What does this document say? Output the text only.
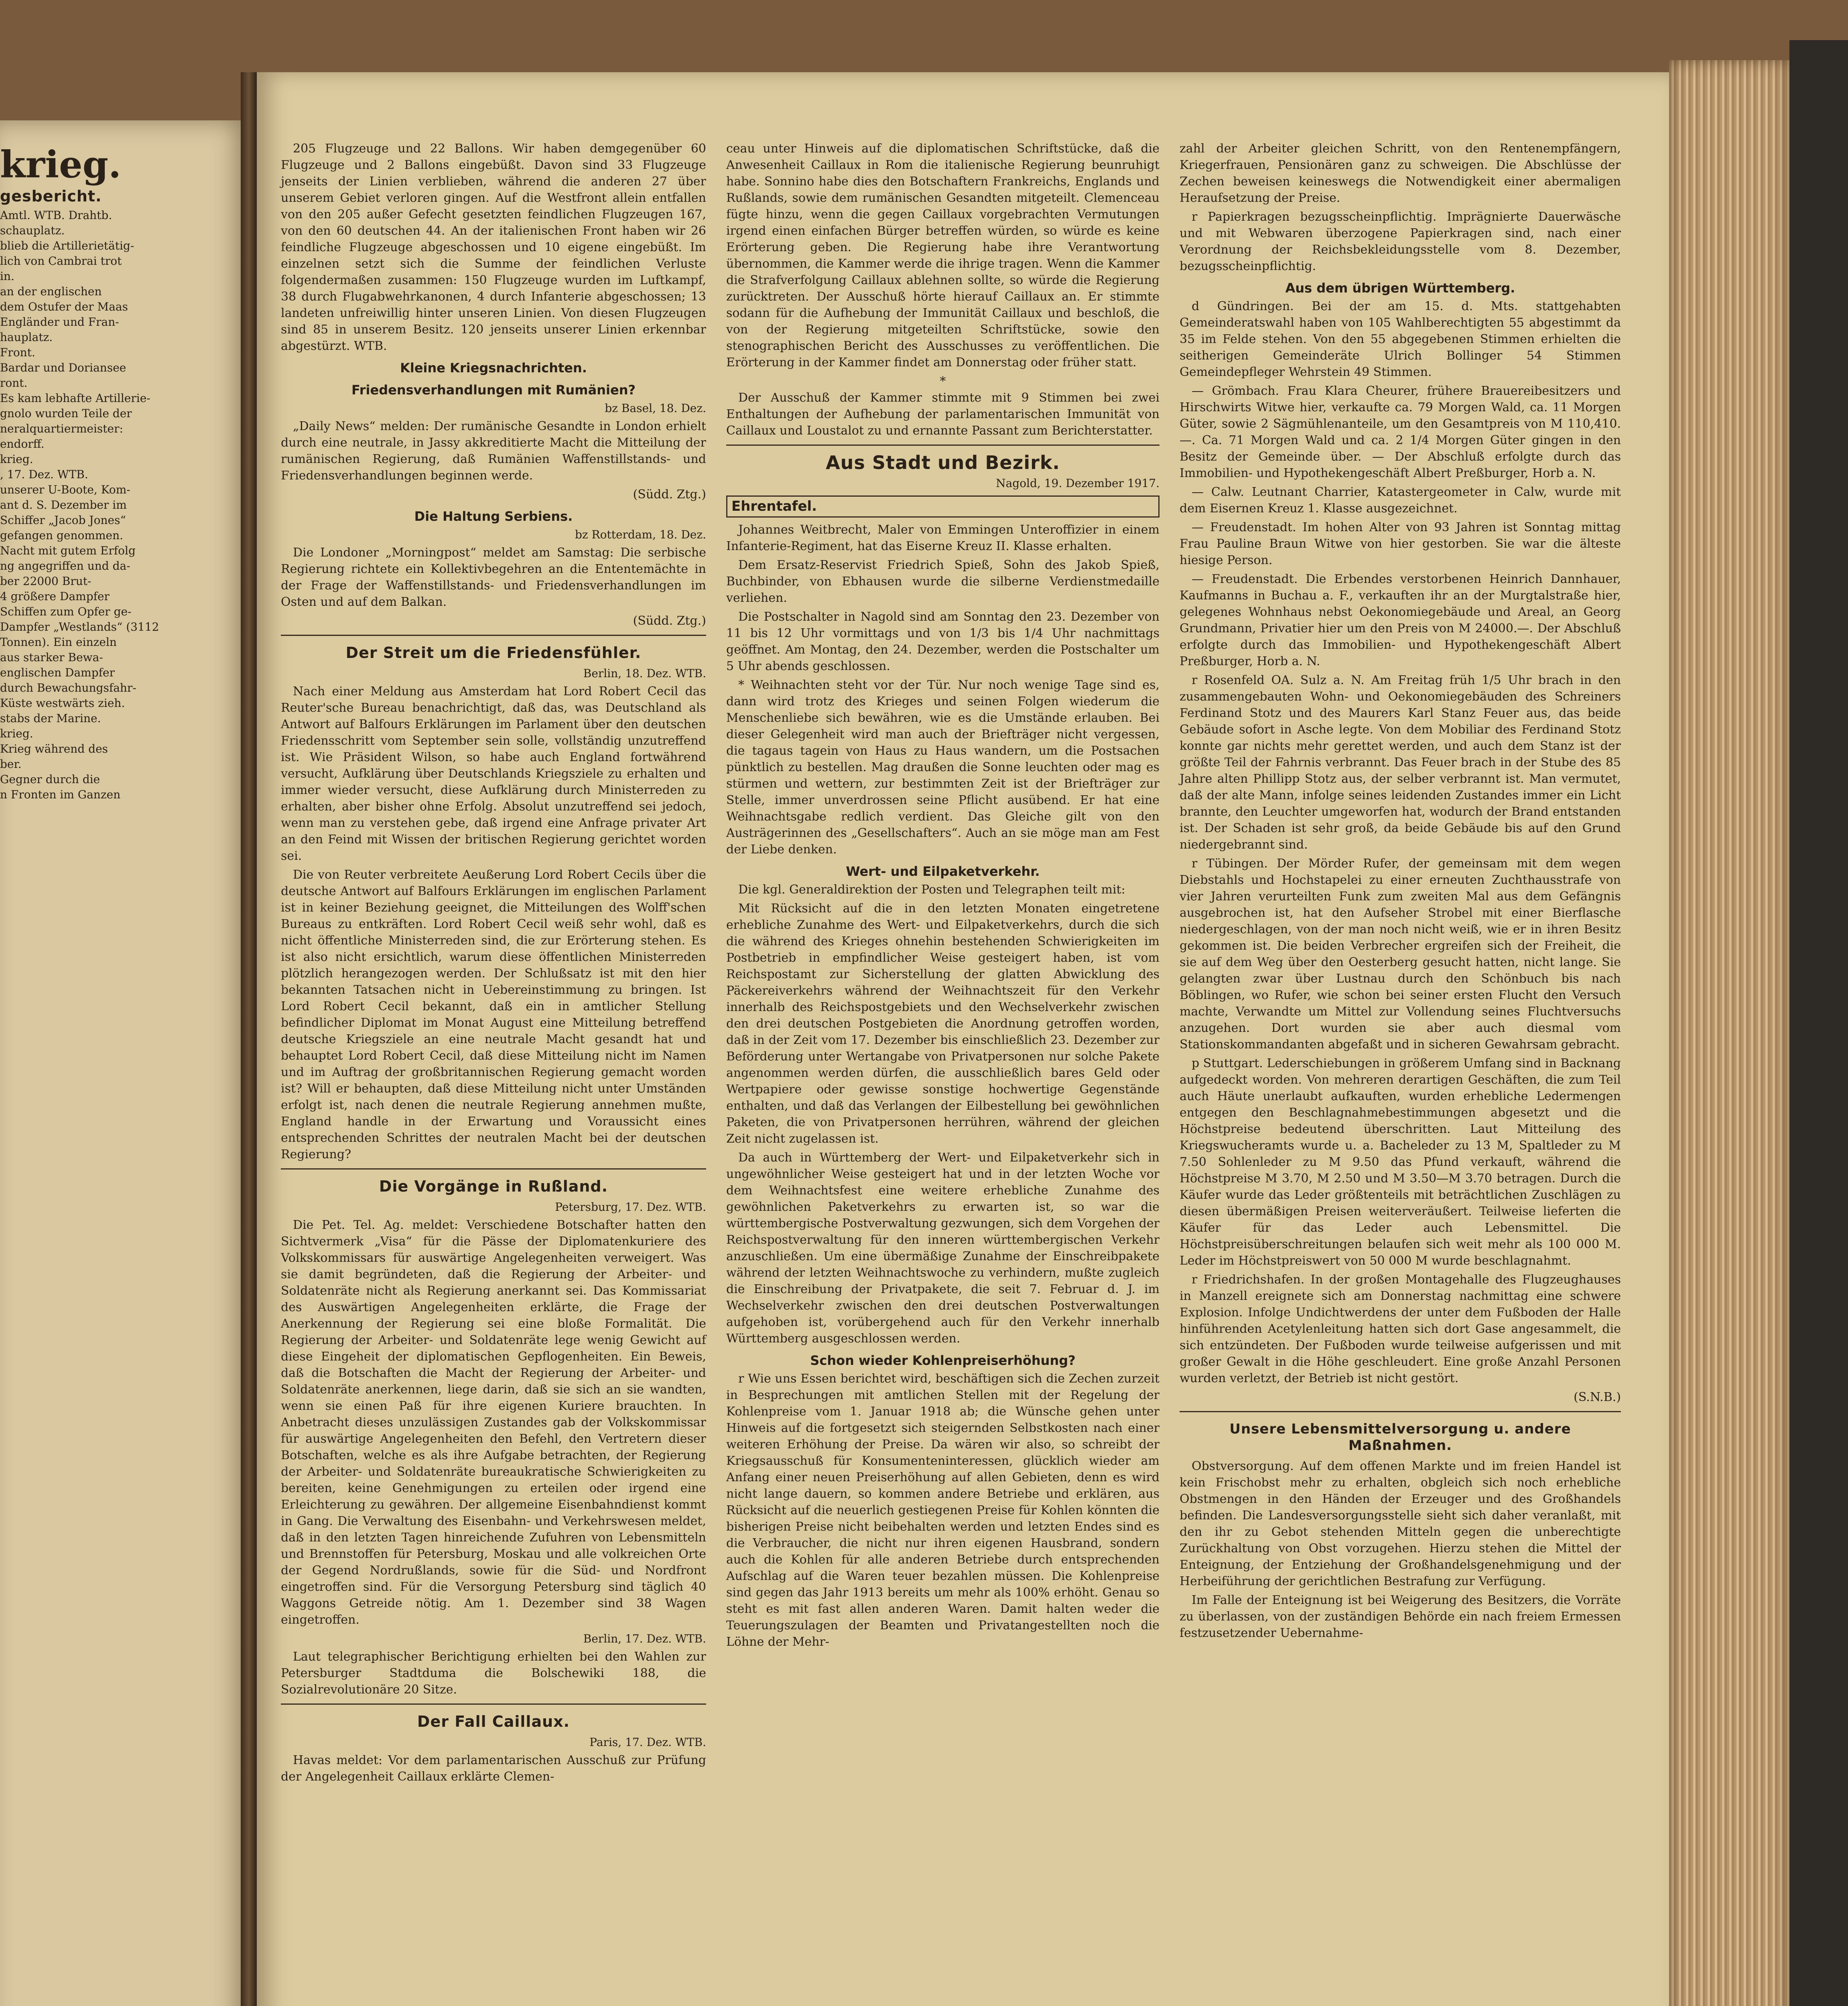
krieg.
gesbericht.
Amtl. WTB. Drahtb.
schauplatz.
blieb die Artillerietätig-
lich von Cambrai trot
in.
an der englischen
dem Ostufer der Maas
Engländer und Fran-
hauplatz.
Front.
Bardar und Doriansee
ront.
Es kam lebhafte Artillerie-
gnolo wurden Teile der
neralquartiermeister:
endorff.
krieg.
, 17. Dez. WTB.
unserer U-Boote, Kom-
ant d. S. Dezember im
Schiffer „Jacob Jones“
gefangen genommen.
Nacht mit gutem Erfolg
ng angegriffen und da-
ber 22000 Brut-
4 größere Dampfer
Schiffen zum Opfer ge-
Dampfer „Westlands“ (3112
Tonnen). Ein einzeln
aus starker Bewa-
englischen Dampfer
durch Bewachungsfahr-
Küste westwärts zieh.
stabs der Marine.
krieg.
Krieg während des
ber.
Gegner durch die
n Fronten im Ganzen

205 Flugzeuge und 22 Ballons. Wir haben demgegenüber 60 Flugzeuge und 2 Ballons eingebüßt. Davon sind 33 Flugzeuge jenseits der Linien verblieben, während die anderen 27 über unserem Gebiet verloren gingen. Auf die Westfront allein entfallen von den 205 außer Gefecht gesetzten feindlichen Flugzeugen 167, von den 60 deutschen 44. An der italienischen Front haben wir 26 feindliche Flugzeuge abgeschossen und 10 eigene eingebüßt. Im einzelnen setzt sich die Summe der feindlichen Verluste folgendermaßen zusammen: 150 Flugzeuge wurden im Luftkampf, 38 durch Flugabwehrkanonen, 4 durch Infanterie abgeschossen; 13 landeten unfreiwillig hinter unseren Linien. Von diesen Flugzeugen sind 85 in unserem Besitz. 120 jenseits unserer Linien erkennbar abgestürzt. WTB.

Kleine Kriegsnachrichten.
Friedensverhandlungen mit Rumänien?
bz Basel, 18. Dez.

„Daily News“ melden: Der rumänische Gesandte in London erhielt durch eine neutrale, in Jassy akkreditierte Macht die Mitteilung der rumänischen Regierung, daß Rumänien Waffenstillstands- und Friedensverhandlungen beginnen werde.

(Südd. Ztg.)
Die Haltung Serbiens.
bz Rotterdam, 18. Dez.

Die Londoner „Morningpost“ meldet am Samstag: Die serbische Regierung richtete ein Kollektivbegehren an die Ententemächte in der Frage der Waffenstillstands- und Friedensverhandlungen im Osten und auf dem Balkan.

(Südd. Ztg.)
Der Streit um die Friedensfühler.
Berlin, 18. Dez. WTB.

Nach einer Meldung aus Amsterdam hat Lord Robert Cecil das Reuter'sche Bureau benachrichtigt, daß das, was Deutschland als Antwort auf Balfours Erklärungen im Parlament über den deutschen Friedensschritt vom September sein solle, vollständig unzutreffend ist. Wie Präsident Wilson, so habe auch England fortwährend versucht, Aufklärung über Deutschlands Kriegsziele zu erhalten und immer wieder versucht, diese Aufklärung durch Ministerreden zu erhalten, aber bisher ohne Erfolg. Absolut unzutreffend sei jedoch, wenn man zu verstehen gebe, daß irgend eine Anfrage privater Art an den Feind mit Wissen der britischen Regierung gerichtet worden sei.

Die von Reuter verbreitete Aeußerung Lord Robert Cecils über die deutsche Antwort auf Balfours Erklärungen im englischen Parlament ist in keiner Beziehung geeignet, die Mitteilungen des Wolff'schen Bureaus zu entkräften. Lord Robert Cecil weiß sehr wohl, daß es nicht öffentliche Ministerreden sind, die zur Erörterung stehen. Es ist also nicht ersichtlich, warum diese öffentlichen Ministerreden plötzlich herangezogen werden. Der Schlußsatz ist mit den hier bekannten Tatsachen nicht in Uebereinstimmung zu bringen. Ist Lord Robert Cecil bekannt, daß ein in amtlicher Stellung befindlicher Diplomat im Monat August eine Mitteilung betreffend deutsche Kriegsziele an eine neutrale Macht gesandt hat und behauptet Lord Robert Cecil, daß diese Mitteilung nicht im Namen und im Auftrag der großbritannischen Regierung gemacht worden ist? Will er behaupten, daß diese Mitteilung nicht unter Umständen erfolgt ist, nach denen die neutrale Regierung annehmen mußte, England handle in der Erwartung und Voraussicht eines entsprechenden Schrittes der neutralen Macht bei der deutschen Regierung?

Die Vorgänge in Rußland.
Petersburg, 17. Dez. WTB.

Die Pet. Tel. Ag. meldet: Verschiedene Botschafter hatten den Sichtvermerk „Visa“ für die Pässe der Diplomatenkuriere des Volkskommissars für auswärtige Angelegenheiten verweigert. Was sie damit begründeten, daß die Regierung der Arbeiter- und Soldatenräte nicht als Regierung anerkannt sei. Das Kommissariat des Auswärtigen Angelegenheiten erklärte, die Frage der Anerkennung der Regierung sei eine bloße Formalität. Die Regierung der Arbeiter- und Soldatenräte lege wenig Gewicht auf diese Eingeheit der diplomatischen Gepflogenheiten. Ein Beweis, daß die Botschaften die Macht der Regierung der Arbeiter- und Soldatenräte anerkennen, liege darin, daß sie sich an sie wandten, wenn sie einen Paß für ihre eigenen Kuriere brauchten. In Anbetracht dieses unzulässigen Zustandes gab der Volkskommissar für auswärtige Angelegenheiten den Befehl, den Vertretern dieser Botschaften, welche es als ihre Aufgabe betrachten, der Regierung der Arbeiter- und Soldatenräte bureaukratische Schwierigkeiten zu bereiten, keine Genehmigungen zu erteilen oder irgend eine Erleichterung zu gewähren. Der allgemeine Eisenbahndienst kommt in Gang. Die Verwaltung des Eisenbahn- und Verkehrswesen meldet, daß in den letzten Tagen hinreichende Zufuhren von Lebensmitteln und Brennstoffen für Petersburg, Moskau und alle volkreichen Orte der Gegend Nordrußlands, sowie für die Süd- und Nordfront eingetroffen sind. Für die Versorgung Petersburg sind täglich 40 Waggons Getreide nötig. Am 1. Dezember sind 38 Wagen eingetroffen.

Berlin, 17. Dez. WTB.

Laut telegraphischer Berichtigung erhielten bei den Wahlen zur Petersburger Stadtduma die Bolschewiki 188, die Sozialrevolutionäre 20 Sitze.

Der Fall Caillaux.
Paris, 17. Dez. WTB.

Havas meldet: Vor dem parlamentarischen Ausschuß zur Prüfung der Angelegenheit Caillaux erklärte Clemen-

ceau unter Hinweis auf die diplomatischen Schriftstücke, daß die Anwesenheit Caillaux in Rom die italienische Regierung beunruhigt habe. Sonnino habe dies den Botschaftern Frankreichs, Englands und Rußlands, sowie dem rumänischen Gesandten mitgeteilt. Clemenceau fügte hinzu, wenn die gegen Caillaux vorgebrachten Vermutungen irgend einen einfachen Bürger betreffen würden, so würde es keine Erörterung geben. Die Regierung habe ihre Verantwortung übernommen, die Kammer werde die ihrige tragen. Wenn die Kammer die Strafverfolgung Caillaux ablehnen sollte, so würde die Regierung zurücktreten. Der Ausschuß hörte hierauf Caillaux an. Er stimmte sodann für die Aufhebung der Immunität Caillaux und beschloß, die von der Regierung mitgeteilten Schriftstücke, sowie den stenographischen Bericht des Ausschusses zu veröffentlichen. Die Erörterung in der Kammer findet am Donnerstag oder früher statt.

*

Der Ausschuß der Kammer stimmte mit 9 Stimmen bei zwei Enthaltungen der Aufhebung der parlamentarischen Immunität von Caillaux und Loustalot zu und ernannte Passant zum Berichterstatter.

Aus Stadt und Bezirk.
Nagold, 19. Dezember 1917.
Ehrentafel.

Johannes Weitbrecht, Maler von Emmingen Unteroffizier in einem Infanterie-Regiment, hat das Eiserne Kreuz II. Klasse erhalten.

Dem Ersatz-Reservist Friedrich Spieß, Sohn des Jakob Spieß, Buchbinder, von Ebhausen wurde die silberne Verdienstmedaille verliehen.

Die Postschalter in Nagold sind am Sonntag den 23. Dezember von 11 bis 12 Uhr vormittags und von 1/3 bis 1/4 Uhr nachmittags geöffnet. Am Montag, den 24. Dezember, werden die Postschalter um 5 Uhr abends geschlossen.

* Weihnachten steht vor der Tür. Nur noch wenige Tage sind es, dann wird trotz des Krieges und seinen Folgen wiederum die Menschenliebe sich bewähren, wie es die Umstände erlauben. Bei dieser Gelegenheit wird man auch der Briefträger nicht vergessen, die tagaus tagein von Haus zu Haus wandern, um die Postsachen pünktlich zu bestellen. Mag draußen die Sonne leuchten oder mag es stürmen und wettern, zur bestimmten Zeit ist der Briefträger zur Stelle, immer unverdrossen seine Pflicht ausübend. Er hat eine Weihnachtsgabe redlich verdient. Das Gleiche gilt von den Austrägerinnen des „Gesellschafters“. Auch an sie möge man am Fest der Liebe denken.

Wert- und Eilpaketverkehr.

Die kgl. Generaldirektion der Posten und Telegraphen teilt mit:

Mit Rücksicht auf die in den letzten Monaten eingetretene erhebliche Zunahme des Wert- und Eilpaketverkehrs, durch die sich die während des Krieges ohnehin bestehenden Schwierigkeiten im Postbetrieb in empfindlicher Weise gesteigert haben, ist vom Reichspostamt zur Sicherstellung der glatten Abwicklung des Päckereiverkehrs während der Weihnachtszeit für den Verkehr innerhalb des Reichspostgebiets und den Wechselverkehr zwischen den drei deutschen Postgebieten die Anordnung getroffen worden, daß in der Zeit vom 17. Dezember bis einschließlich 23. Dezember zur Beförderung unter Wertangabe von Privatpersonen nur solche Pakete angenommen werden dürfen, die ausschließlich bares Geld oder Wertpapiere oder gewisse sonstige hochwertige Gegenstände enthalten, und daß das Verlangen der Eilbestellung bei gewöhnlichen Paketen, die von Privatpersonen herrühren, während der gleichen Zeit nicht zugelassen ist.

Da auch in Württemberg der Wert- und Eilpaketverkehr sich in ungewöhnlicher Weise gesteigert hat und in der letzten Woche vor dem Weihnachtsfest eine weitere erhebliche Zunahme des gewöhnlichen Paketverkehrs zu erwarten ist, so war die württembergische Postverwaltung gezwungen, sich dem Vorgehen der Reichspostverwaltung für den inneren württembergischen Verkehr anzuschließen. Um eine übermäßige Zunahme der Einschreibpakete während der letzten Weihnachtswoche zu verhindern, mußte zugleich die Einschreibung der Privatpakete, die seit 7. Februar d. J. im Wechselverkehr zwischen den drei deutschen Postverwaltungen aufgehoben ist, vorübergehend auch für den Verkehr innerhalb Württemberg ausgeschlossen werden.

Schon wieder Kohlenpreiserhöhung?

r Wie uns Essen berichtet wird, beschäftigen sich die Zechen zurzeit in Besprechungen mit amtlichen Stellen mit der Regelung der Kohlenpreise vom 1. Januar 1918 ab; die Wünsche gehen unter Hinweis auf die fortgesetzt sich steigernden Selbstkosten nach einer weiteren Erhöhung der Preise. Da wären wir also, so schreibt der Kriegsausschuß für Konsumenteninteressen, glücklich wieder am Anfang einer neuen Preiserhöhung auf allen Gebieten, denn es wird nicht lange dauern, so kommen andere Betriebe und erklären, aus Rücksicht auf die neuerlich gestiegenen Preise für Kohlen könnten die bisherigen Preise nicht beibehalten werden und letzten Endes sind es die Verbraucher, die nicht nur ihren eigenen Hausbrand, sondern auch die Kohlen für alle anderen Betriebe durch entsprechenden Aufschlag auf die Waren teuer bezahlen müssen. Die Kohlenpreise sind gegen das Jahr 1913 bereits um mehr als 100% erhöht. Genau so steht es mit fast allen anderen Waren. Damit halten weder die Teuerungszulagen der Beamten und Privatangestellten noch die Löhne der Mehr-

zahl der Arbeiter gleichen Schritt, von den Rentenempfängern, Kriegerfrauen, Pensionären ganz zu schweigen. Die Abschlüsse der Zechen beweisen keineswegs die Notwendigkeit einer abermaligen Heraufsetzung der Preise.

r Papierkragen bezugsscheinpflichtig. Imprägnierte Dauerwäsche und mit Webwaren überzogene Papierkragen sind, nach einer Verordnung der Reichsbekleidungsstelle vom 8. Dezember, bezugsscheinpflichtig.

Aus dem übrigen Württemberg.

d Gündringen. Bei der am 15. d. Mts. stattgehabten Gemeinderatswahl haben von 105 Wahlberechtigten 55 abgestimmt da 35 im Felde stehen. Von den 55 abgegebenen Stimmen erhielten die seitherigen Gemeinderäte Ulrich Bollinger 54 Stimmen Gemeindepfleger Wehrstein 49 Stimmen.

— Grömbach. Frau Klara Cheurer, frühere Brauereibesitzers und Hirschwirts Witwe hier, verkaufte ca. 79 Morgen Wald, ca. 11 Morgen Güter, sowie 2 Sägmühlenanteile, um den Gesamtpreis von M 110,410.—. Ca. 71 Morgen Wald und ca. 2 1/4 Morgen Güter gingen in den Besitz der Gemeinde über. — Der Abschluß erfolgte durch das Immobilien- und Hypothekengeschäft Albert Preßburger, Horb a. N.

— Calw. Leutnant Charrier, Katastergeometer in Calw, wurde mit dem Eisernen Kreuz 1. Klasse ausgezeichnet.

— Freudenstadt. Im hohen Alter von 93 Jahren ist Sonntag mittag Frau Pauline Braun Witwe von hier gestorben. Sie war die älteste hiesige Person.

— Freudenstadt. Die Erbendes verstorbenen Heinrich Dannhauer, Kaufmanns in Buchau a. F., verkauften ihr an der Murgtalstraße hier, gelegenes Wohnhaus nebst Oekonomiegebäude und Areal, an Georg Grundmann, Privatier hier um den Preis von M 24000.—. Der Abschluß erfolgte durch das Immobilien- und Hypothekengeschäft Albert Preßburger, Horb a. N.

r Rosenfeld OA. Sulz a. N. Am Freitag früh 1/5 Uhr brach in den zusammengebauten Wohn- und Oekonomiegebäuden des Schreiners Ferdinand Stotz und des Maurers Karl Stanz Feuer aus, das beide Gebäude sofort in Asche legte. Von dem Mobiliar des Ferdinand Stotz konnte gar nichts mehr gerettet werden, und auch dem Stanz ist der größte Teil der Fahrnis verbrannt. Das Feuer brach in der Stube des 85 Jahre alten Phillipp Stotz aus, der selber verbrannt ist. Man vermutet, daß der alte Mann, infolge seines leidenden Zustandes immer ein Licht brannte, den Leuchter umgeworfen hat, wodurch der Brand entstanden ist. Der Schaden ist sehr groß, da beide Gebäude bis auf den Grund niedergebrannt sind.

r Tübingen. Der Mörder Rufer, der gemeinsam mit dem wegen Diebstahls und Hochstapelei zu einer erneuten Zuchthausstrafe von vier Jahren verurteilten Funk zum zweiten Mal aus dem Gefängnis ausgebrochen ist, hat den Aufseher Strobel mit einer Bierflasche niedergeschlagen, von der man noch nicht weiß, wie er in ihren Besitz gekommen ist. Die beiden Verbrecher ergreifen sich der Freiheit, die sie auf dem Weg über den Oesterberg gesucht hatten, nicht lange. Sie gelangten zwar über Lustnau durch den Schönbuch bis nach Böblingen, wo Rufer, wie schon bei seiner ersten Flucht den Versuch machte, Verwandte um Mittel zur Vollendung seines Fluchtversuchs anzugehen. Dort wurden sie aber auch diesmal vom Stationskommandanten abgefaßt und in sicheren Gewahrsam gebracht.

p Stuttgart. Lederschiebungen in größerem Umfang sind in Backnang aufgedeckt worden. Von mehreren derartigen Geschäften, die zum Teil auch Häute unerlaubt aufkauften, wurden erhebliche Ledermengen entgegen den Beschlagnahmebestimmungen abgesetzt und die Höchstpreise bedeutend überschritten. Laut Mitteilung des Kriegswucheramts wurde u. a. Bacheleder zu 13 M, Spaltleder zu M 7.50 Sohlenleder zu M 9.50 das Pfund verkauft, während die Höchstpreise M 3.70, M 2.50 und M 3.50—M 3.70 betragen. Durch die Käufer wurde das Leder größtenteils mit beträchtlichen Zuschlägen zu diesen übermäßigen Preisen weiterveräußert. Teilweise lieferten die Käufer für das Leder auch Lebensmittel. Die Höchstpreisüberschreitungen belaufen sich weit mehr als 100 000 M. Leder im Höchstpreiswert von 50 000 M wurde beschlagnahmt.

r Friedrichshafen. In der großen Montagehalle des Flugzeughauses in Manzell ereignete sich am Donnerstag nachmittag eine schwere Explosion. Infolge Undichtwerdens der unter dem Fußboden der Halle hinführenden Acetylenleitung hatten sich dort Gase angesammelt, die sich entzündeten. Der Fußboden wurde teilweise aufgerissen und mit großer Gewalt in die Höhe geschleudert. Eine große Anzahl Personen wurden verletzt, der Betrieb ist nicht gestört.

(S.N.B.)
Unsere Lebensmittelversorgung u. andere Maßnahmen.

Obstversorgung. Auf dem offenen Markte und im freien Handel ist kein Frischobst mehr zu erhalten, obgleich sich noch erhebliche Obstmengen in den Händen der Erzeuger und des Großhandels befinden. Die Landesversorgungsstelle sieht sich daher veranlaßt, mit den ihr zu Gebot stehenden Mitteln gegen die unberechtigte Zurückhaltung von Obst vorzugehen. Hierzu stehen die Mittel der Enteignung, der Entziehung der Großhandelsgenehmigung und der Herbeiführung der gerichtlichen Bestrafung zur Verfügung.

Im Falle der Enteignung ist bei Weigerung des Besitzers, die Vorräte zu überlassen, von der zuständigen Behörde ein nach freiem Ermessen festzusetzender Uebernahme-
